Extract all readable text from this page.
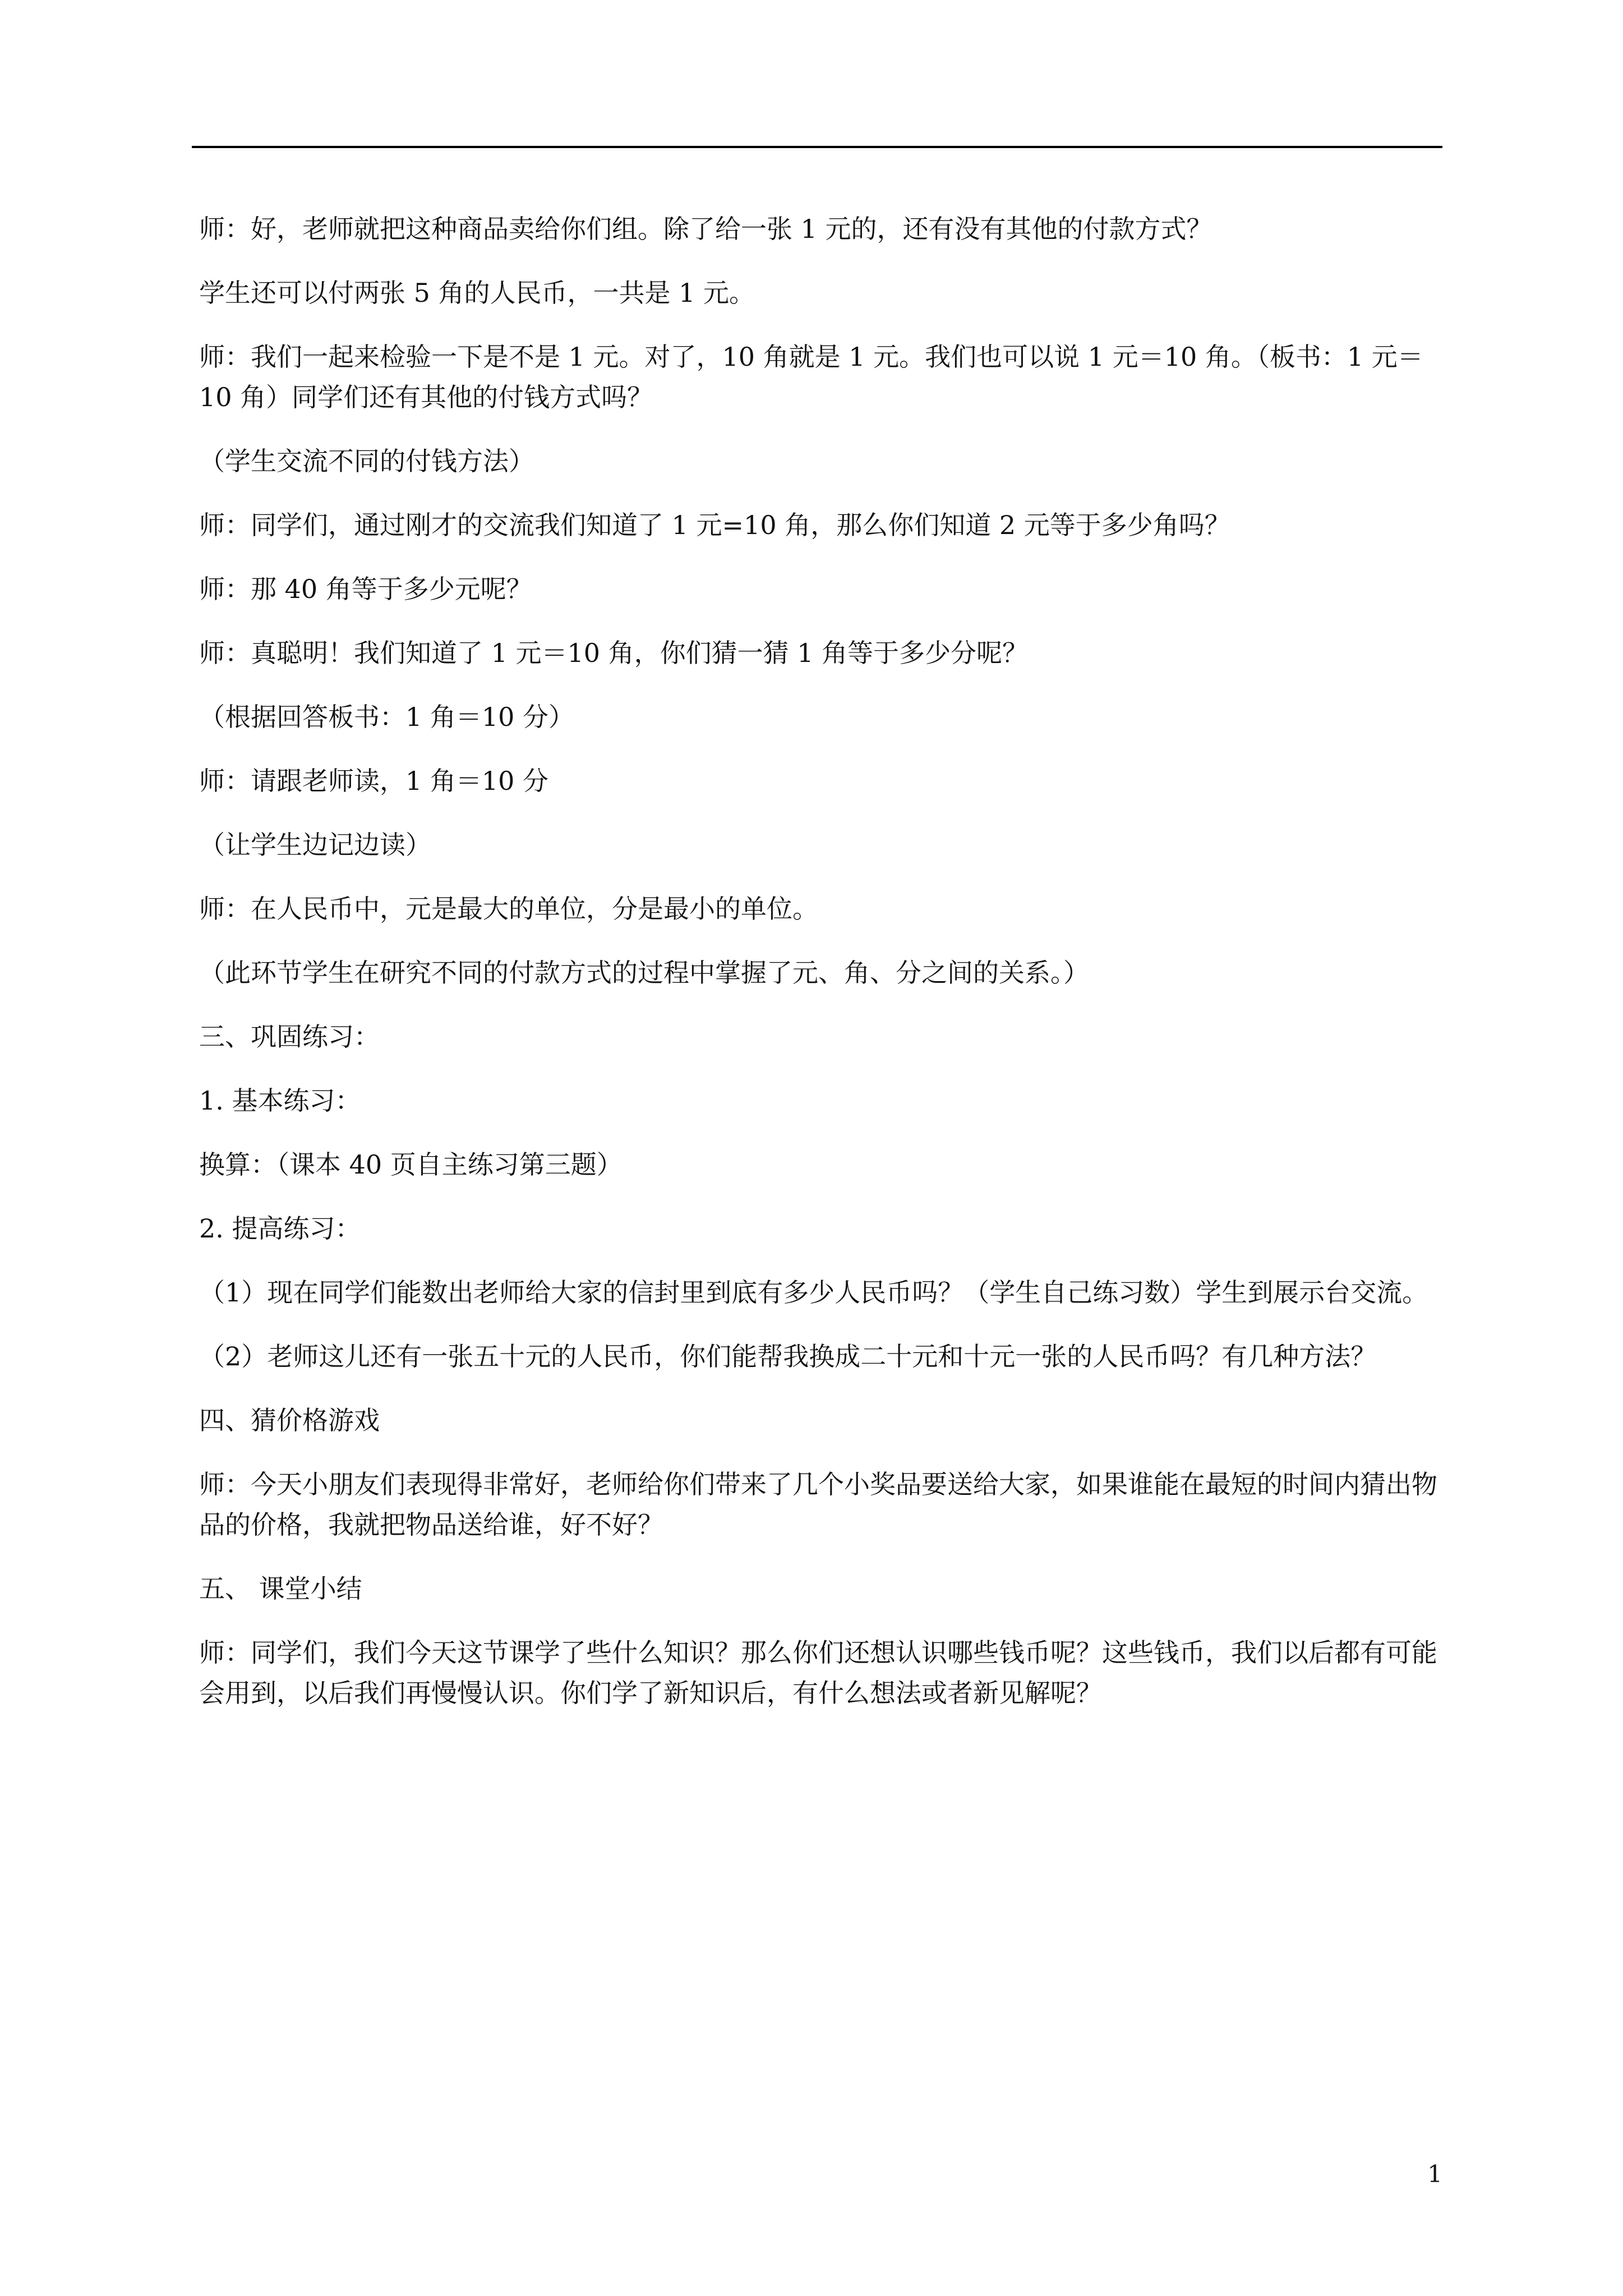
师：好，老师就把这种商品卖给你们组。除了给一张 1 元的，还有没有其他的付款方式？

学生还可以付两张 5 角的人民币，一共是 1 元。

师：我们一起来检验一下是不是 1 元。对了，10 角就是 1 元。我们也可以说 1 元＝10 角。（板书：1 元＝10 角）同学们还有其他的付钱方式吗？

（学生交流不同的付钱方法）

师：同学们，通过刚才的交流我们知道了 1 元=10 角，那么你们知道 2 元等于多少角吗？

师：那 40 角等于多少元呢？

师：真聪明！我们知道了 1 元＝10 角，你们猜一猜 1 角等于多少分呢？

（根据回答板书：1 角＝10 分）

师：请跟老师读，1 角＝10 分

（让学生边记边读）

师：在人民币中，元是最大的单位，分是最小的单位。

（此环节学生在研究不同的付款方式的过程中掌握了元、角、分之间的关系。）

三、巩固练习：

1. 基本练习：

换算：（课本 40 页自主练习第三题）

2. 提高练习：

（1）现在同学们能数出老师给大家的信封里到底有多少人民币吗？（学生自己练习数）学生到展示台交流。

（2）老师这儿还有一张五十元的人民币，你们能帮我换成二十元和十元一张的人民币吗？有几种方法？

四、猜价格游戏

师：今天小朋友们表现得非常好，老师给你们带来了几个小奖品要送给大家，如果谁能在最短的时间内猜出物品的价格，我就把物品送给谁，好不好？

五、 课堂小结

师：同学们，我们今天这节课学了些什么知识？那么你们还想认识哪些钱币呢？这些钱币，我们以后都有可能会用到，以后我们再慢慢认识。你们学了新知识后，有什么想法或者新见解呢？

1
